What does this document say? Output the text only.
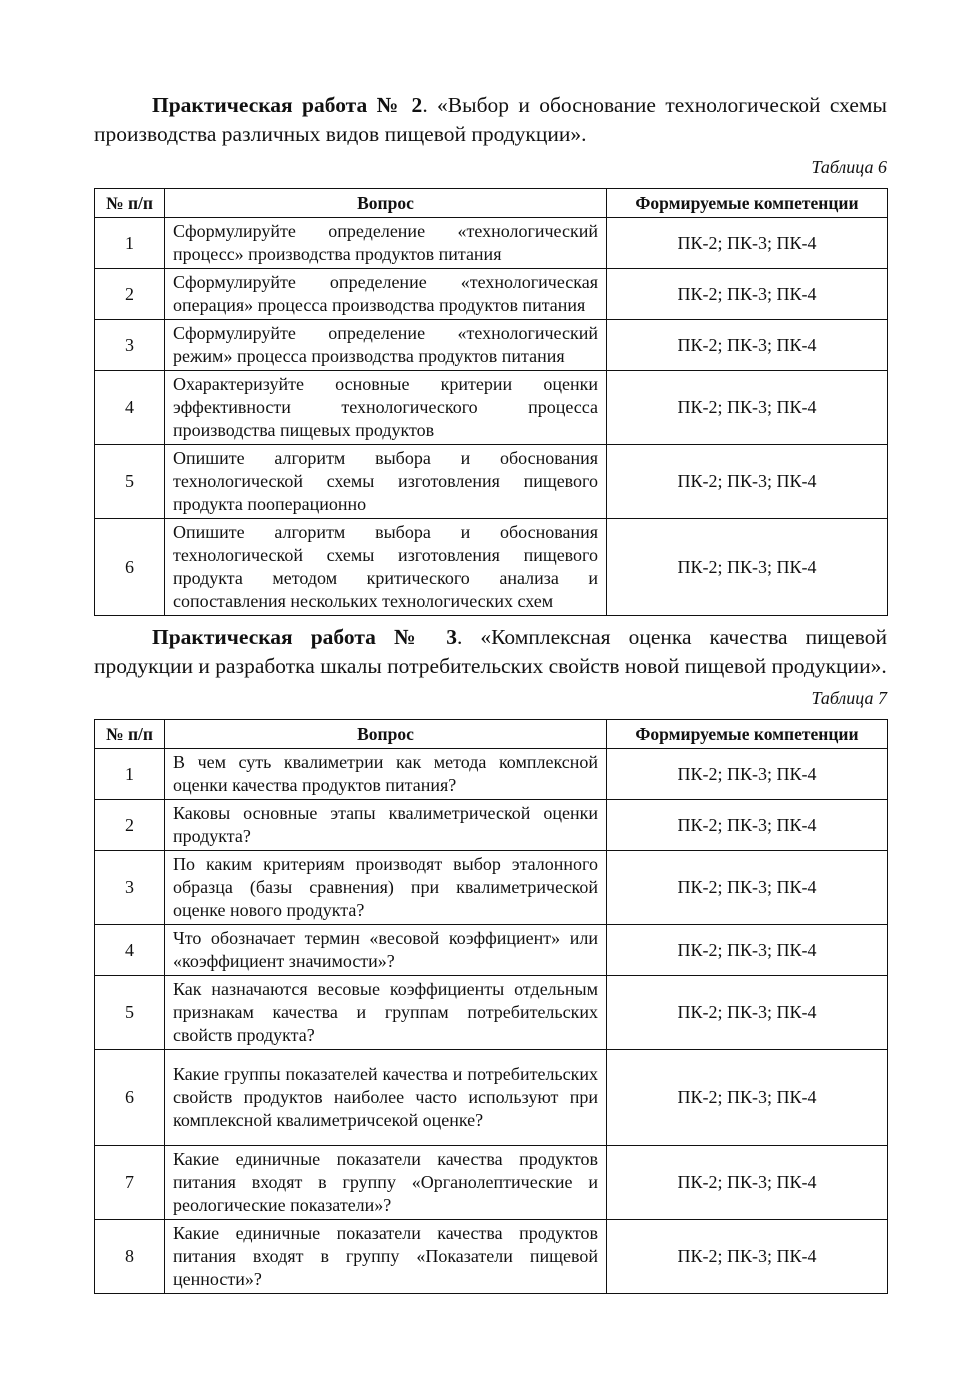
Практическая работа № 2. «Выбор и обоснование технологической схемы производства различных видов пищевой продукции».

Таблица 6
№ п/п	Вопрос	Формируемые компетенции
1	Сформулируйте определение «технологический процесс» производства продуктов питания	ПК-2; ПК-3; ПК-4
2	Сформулируйте определение «технологическая операция» процесса производства продуктов питания	ПК-2; ПК-3; ПК-4
3	Сформулируйте определение «технологический режим» процесса производства продуктов питания	ПК-2; ПК-3; ПК-4
4	Охарактеризуйте основные критерии оценки эффективности технологического процесса производства пищевых продуктов	ПК-2; ПК-3; ПК-4
5	Опишите алгоритм выбора и обоснования технологической схемы изготовления пищевого продукта пооперационно	ПК-2; ПК-3; ПК-4
6	Опишите алгоритм выбора и обоснования технологической схемы изготовления пищевого продукта методом критического анализа и сопоставления нескольких технологических схем	ПК-2; ПК-3; ПК-4

Практическая работа № 3. «Комплексная оценка качества пищевой продукции и разработка шкалы потребительских свойств новой пищевой продукции».

Таблица 7
№ п/п	Вопрос	Формируемые компетенции
1	В чем суть квалиметрии как метода комплексной оценки качества продуктов питания?	ПК-2; ПК-3; ПК-4
2	Каковы основные этапы квалиметрической оценки продукта?	ПК-2; ПК-3; ПК-4
3	По каким критериям производят выбор эталонного образца (базы сравнения) при квалиметрической оценке нового продукта?	ПК-2; ПК-3; ПК-4
4	Что обозначает термин «весовой коэффициент» или «коэффициент значимости»?	ПК-2; ПК-3; ПК-4
5	Как назначаются весовые коэффициенты отдельным признакам качества и группам потребительских свойств продукта?	ПК-2; ПК-3; ПК-4
6	Какие группы показателей качества и потребительских свойств продуктов наиболее часто используют при комплексной квалиметричсекой оценке?	ПК-2; ПК-3; ПК-4
7	Какие единичные показатели качества продуктов питания входят в группу «Органолептические и реологические показатели»?	ПК-2; ПК-3; ПК-4
8	Какие единичные показатели качества продуктов питания входят в группу «Показатели пищевой ценности»?	ПК-2; ПК-3; ПК-4
